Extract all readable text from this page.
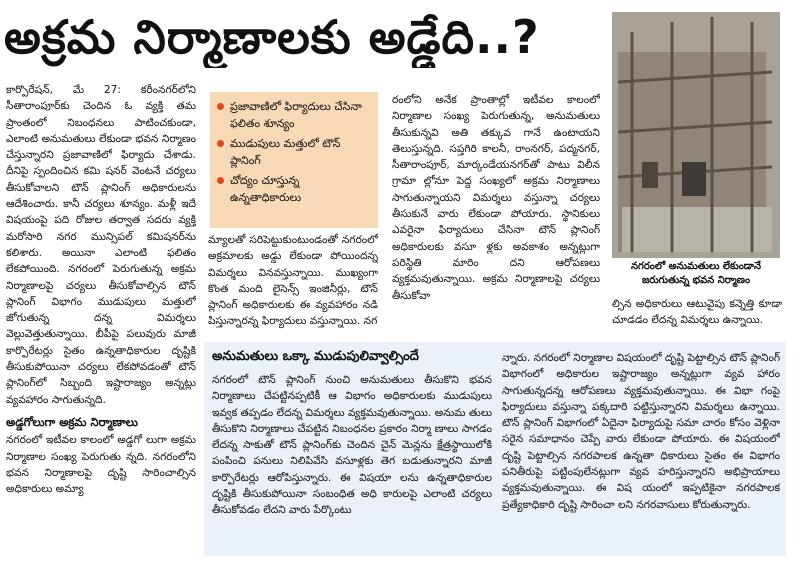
అక్రమ నిర్మాణాలకు అడ్డేది..?

కార్పొరేషన్‌, మే 27: కరీంనగర్‌లోని సీతారాంపూర్‌కు చెందిన ఓ వ్యక్తి తమ ప్రాంతంలో నిబంధనలు పాటించకుండా, ఎలాంటి అనుమతులు లేకుండా భవన నిర్మాణం చేస్తున్నారని ప్రజావాణిలో ఫిర్యాదు చేశాడు. దీనిపై స్పందించిన కమి షనర్‌ వెంటనే చర్యలు తీసుకోవాలని టౌన్‌ ప్లానింగ్‌ అధికారులను ఆదేశించారు. కానీ చర్యలు శూన్యం. మళ్లీ ఇదే విషయంపై పది రోజుల తర్వాత సదరు వ్యక్తి మరోసారి నగర మున్సిపల్‌ కమిషనర్‌ను కలిశారు. అయినా ఎలాంటి ఫలితం లేకపోయింది. నగరంలో పెరుగుతున్న అక్రమ నిర్మాణాలపై చర్యలు తీసుకోవాల్సిన టౌన్‌ ప్లానింగ్‌ విభాగం ముడుపులు మత్తులో జోగుతున్న దన్న విమర్శలు వెల్లువెత్తుతున్నాయి. బీపీపై పలువురు మాజీ కార్పొరేటర్లు సైతం ఉన్నతాధికారుల దృష్టికి తీసుకుపోయినా చర్యలు లేకపోవడంతో టౌన్‌ ప్లానింగ్‌లో సిబ్బంది ఇష్టారాజ్యం అన్నట్లు వ్యవహారం సాగుతున్నది.

అడ్డగోలుగా అక్రమ నిర్మాణాలు

నగరంలో ఇటీవల కాలంలో అడ్డగో లుగా అక్రమ నిర్మాణాల సంఖ్య పెరుగుతు న్నది. నగరంలోని భవన నిర్మాణాలపై దృష్టి సారించాల్సిన అధికారులు అమ్యా

ప్రజావాణిలో ఫిర్యాదులు చేసినా ఫలితం శూన్యం
ముడుపులు మత్తులో టౌన్‌ ప్లానింగ్‌
చోద్యం చూస్తున్న ఉన్నతాధికారులు

మ్యాలతో సరిపెట్టుకుంటుండంతో నగరంలో అక్రమాలకు అడ్డు లేకుండా పోయిందన్న విమర్శలు వినవస్తున్నాయి. ముఖ్యంగా కొంత మంది లైసెన్స్‌ ఇంజినీర్లు, టౌన్‌ ప్లానింగ్‌ అధికారులకు ఈ వ్యవహారం నడి పిస్తున్నారన్న ఫిర్యాదులు వస్తున్నాయి. నగ

రంలోని అనేక ప్రాంతాల్లో ఇటీవల కాలంలో నిర్మాణాల సంఖ్య పెరుగుతున్న, అనుమతులు తీసుకున్నవి అతి తక్కువ గానే ఉంటాయని తెలుస్తున్నది. సప్తగిరి కాలనీ, రాంనగర్‌, పద్మనగర్‌, సీతారాంపూర్‌, మార్కండేయనగర్‌తో పాటు విలీన గ్రామా ల్లోనూ పెద్ద సంఖ్యలో అక్రమ నిర్మాణాలు సాగుతున్నాయని విమర్శలు వస్తున్నా చర్యలు తీసుకునే వారు లేకుండా పోయారు. స్థానికులు ఎవరైనా ఫిర్యాదులు చేసినా టౌన్‌ ప్లానింగ్‌ అధికారులకు వసూ ళ్లకు అవకాశం అన్నట్లుగా పరిస్థితి మారిం దని ఆరోపణలు వ్యక్తమవుతున్నాయి. అక్రమ నిర్మాణాలపై చర్యలు తీసుకోవా

నగరంలో అనుమతులు లేకుండానే జరుగుతున్న భవన నిర్మాణం

ల్సిన అధికారులు ఆటువైపు కన్నెత్తి కూడా చూడడం లేదన్న విమర్శలు ఉన్నాయి.

అనుమతులు ఒక్కా ముడుపులివ్వాల్సిందే

నగరంలో టౌన్‌ ప్లానింగ్‌ నుంచి అనుమతులు తీసుకొని భవన నిర్మాణాలు చేపట్టినప్పటికీ ఆ విభాగం అధికారులకు ముడుపులు ఇవ్వక తప్పడం లేదన్న విమర్శలు వ్యక్తమవుతున్నాయి. అనుమ తులు తీసుకొని నిర్మాణాలు చేపట్టిన నిబంధనల ప్రకారం నిర్మా ణాలు సాగడం లేదన్న సాకుతో టౌన్‌ ప్లానింగ్‌కు చెందిన చైన్‌ మెన్లను క్షేత్రస్థాయిలోకి పంపించి పనులు నిలిపివేసి వసూళ్లకు తెగ బడుతున్నారని మాజీ కార్పొరేటర్లు ఆరోపిస్తున్నారు. ఈ విషయా లను ఉన్నతాధికారుల దృష్టికి తీసుకుపోయినా సంబంధిత అధి కారులపై ఎలాంటి చర్యలు తీసుకోవడం లేదని వారు పేర్కొంటు

న్నారు. నగరంలో నిర్మాణాల విషయంలో దృష్టి పెట్టాల్సిన టౌన్‌ ప్లానింగ్‌ విభాగంలో అధికారుల ఇష్టారాజ్యం అన్నట్లుగా వ్యవ హారం సాగుతున్నదన్న ఆరోపణలు వ్యక్తమవుతున్నాయి. ఈ విభా గంపై ఫిర్యాదులు వస్తున్నా పక్కదారి పట్టిస్తున్నారని విమర్శలు ఉన్నాయి. టౌన్‌ ప్లానింగ్‌ విభాగంలో ఏదైనా ఫిర్యాదుపై సమా చారం కోసం వెళ్లినా సరైన సమాధానం చెప్పే వారు లేకుండా పోయారు. ఈ విషయంలో దృష్టి పెట్టాల్సిన నగరపాలక ఉన్నతా ధికారులు సైతం ఈ విభాగం పనితీరుపై పట్టింపులేనట్లుగా వ్యవ హరిస్తున్నారని అభిప్రాయాలు వ్యక్తమవుతున్నాయి. ఈ విష యంలో ఇప్పటికైనా నగరపాలక ప్రత్యేకాధికారి దృష్టి సారించా లని నగరవాసులు కోరుతున్నారు.
